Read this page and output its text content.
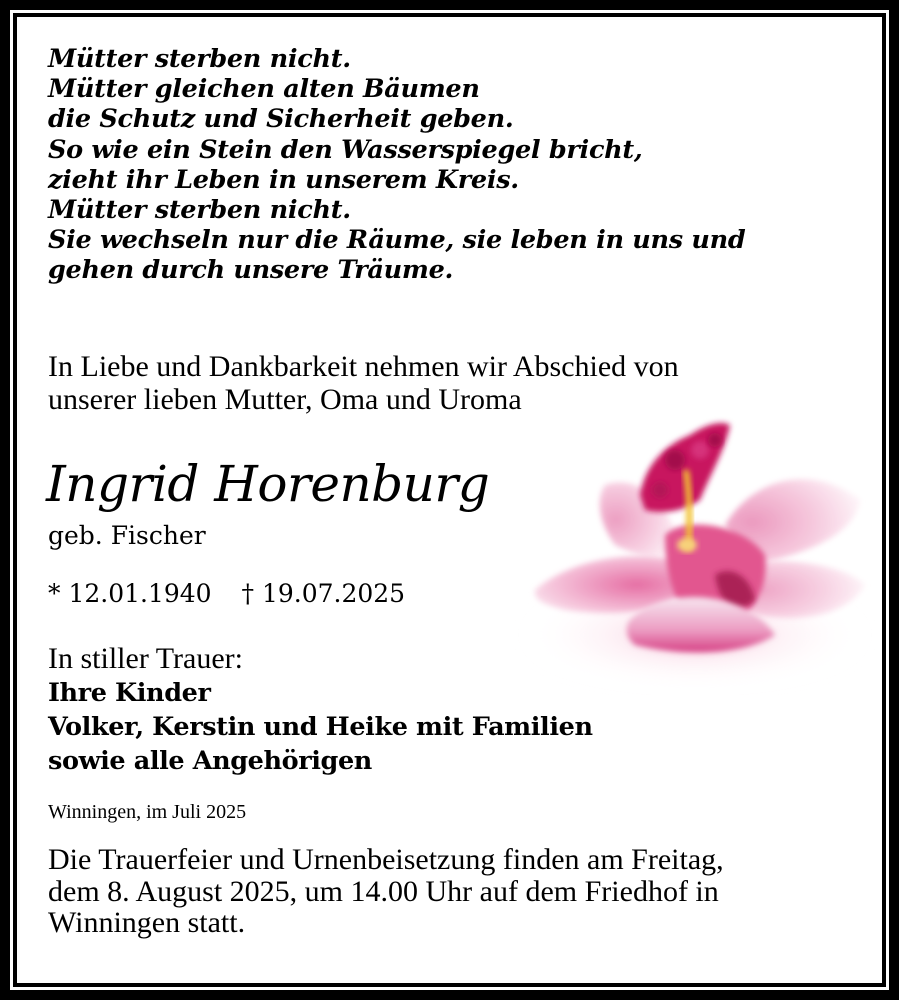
Mütter sterben nicht.
Mütter gleichen alten Bäumen
die Schutz und Sicherheit geben.
So wie ein Stein den Wasserspiegel bricht,
zieht ihr Leben in unserem Kreis.
Mütter sterben nicht.
Sie wechseln nur die Räume, sie leben in uns und
gehen durch unsere Träume.
In Liebe und Dankbarkeit nehmen wir Abschied von
unserer lieben Mutter, Oma und Uroma
Ingrid Horenburg
geb. Fischer
* 12.01.1940 † 19.07.2025
In stiller Trauer:
Ihre Kinder
Volker, Kerstin und Heike mit Familien
sowie alle Angehörigen
Winningen, im Juli 2025
Die Trauerfeier und Urnenbeisetzung finden am Freitag,
dem 8. August 2025, um 14.00 Uhr auf dem Friedhof in
Winningen statt.
